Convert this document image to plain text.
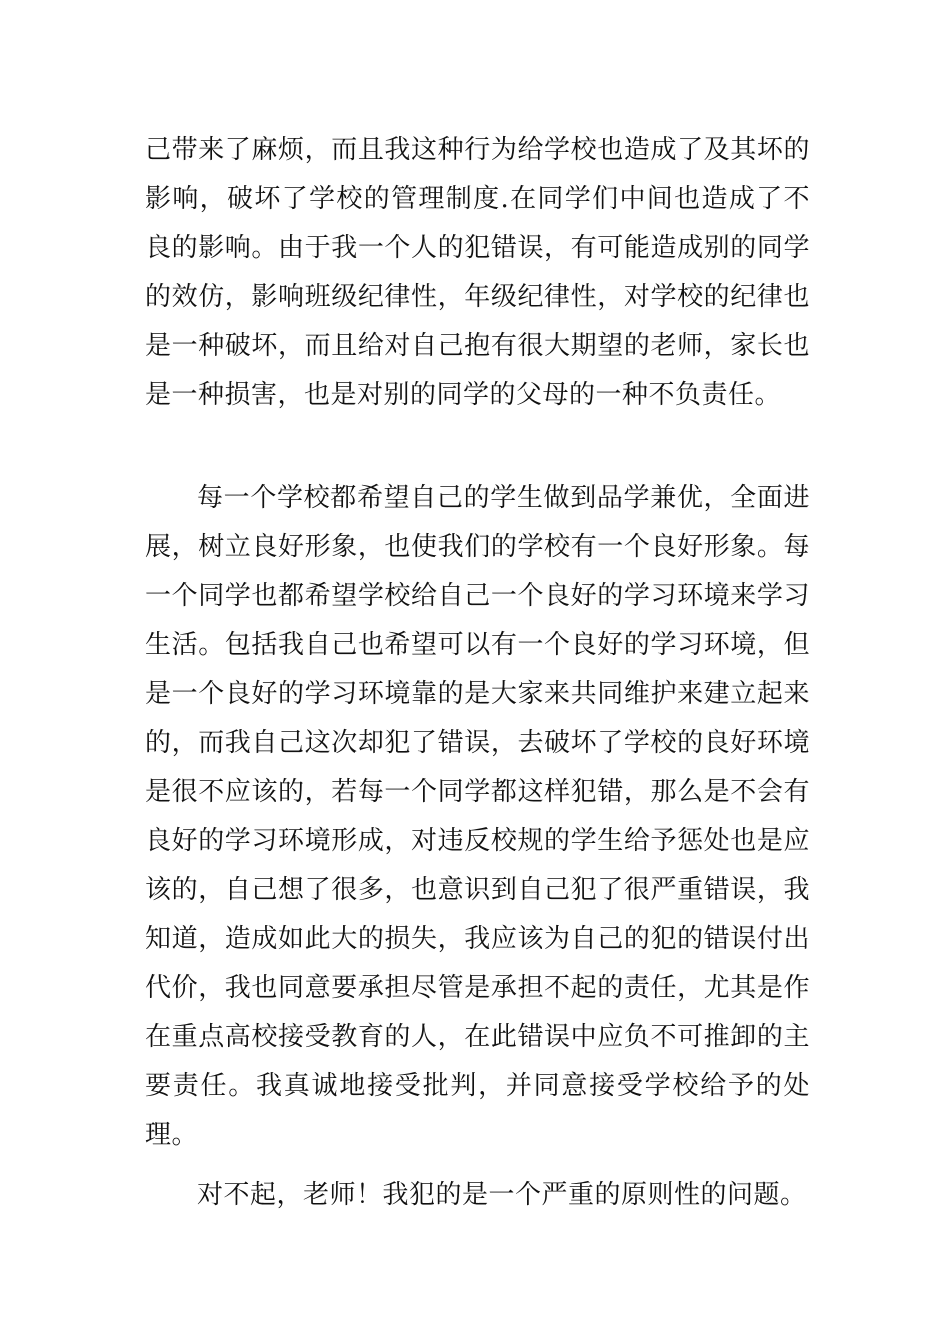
己带来了麻烦，而且我这种行为给学校也造成了及其坏的影响，破坏了学校的管理制度.在同学们中间也造成了不良的影响。由于我一个人的犯错误，有可能造成别的同学的效仿，影响班级纪律性，年级纪律性，对学校的纪律也是一种破坏，而且给对自己抱有很大期望的老师，家长也是一种损害，也是对别的同学的父母的一种不负责任。

每一个学校都希望自己的学生做到品学兼优，全面进展，树立良好形象，也使我们的学校有一个良好形象。每一个同学也都希望学校给自己一个良好的学习环境来学习生活。包括我自己也希望可以有一个良好的学习环境，但是一个良好的学习环境靠的是大家来共同维护来建立起来的，而我自己这次却犯了错误，去破坏了学校的良好环境是很不应该的，若每一个同学都这样犯错，那么是不会有良好的学习环境形成，对违反校规的学生给予惩处也是应该的，自己想了很多，也意识到自己犯了很严重错误，我知道，造成如此大的损失，我应该为自己的犯的错误付出代价，我也同意要承担尽管是承担不起的责任，尤其是作在重点高校接受教育的人，在此错误中应负不可推卸的主要责任。我真诚地接受批判，并同意接受学校给予的处理。

对不起，老师！我犯的是一个严重的原则性的问题。
